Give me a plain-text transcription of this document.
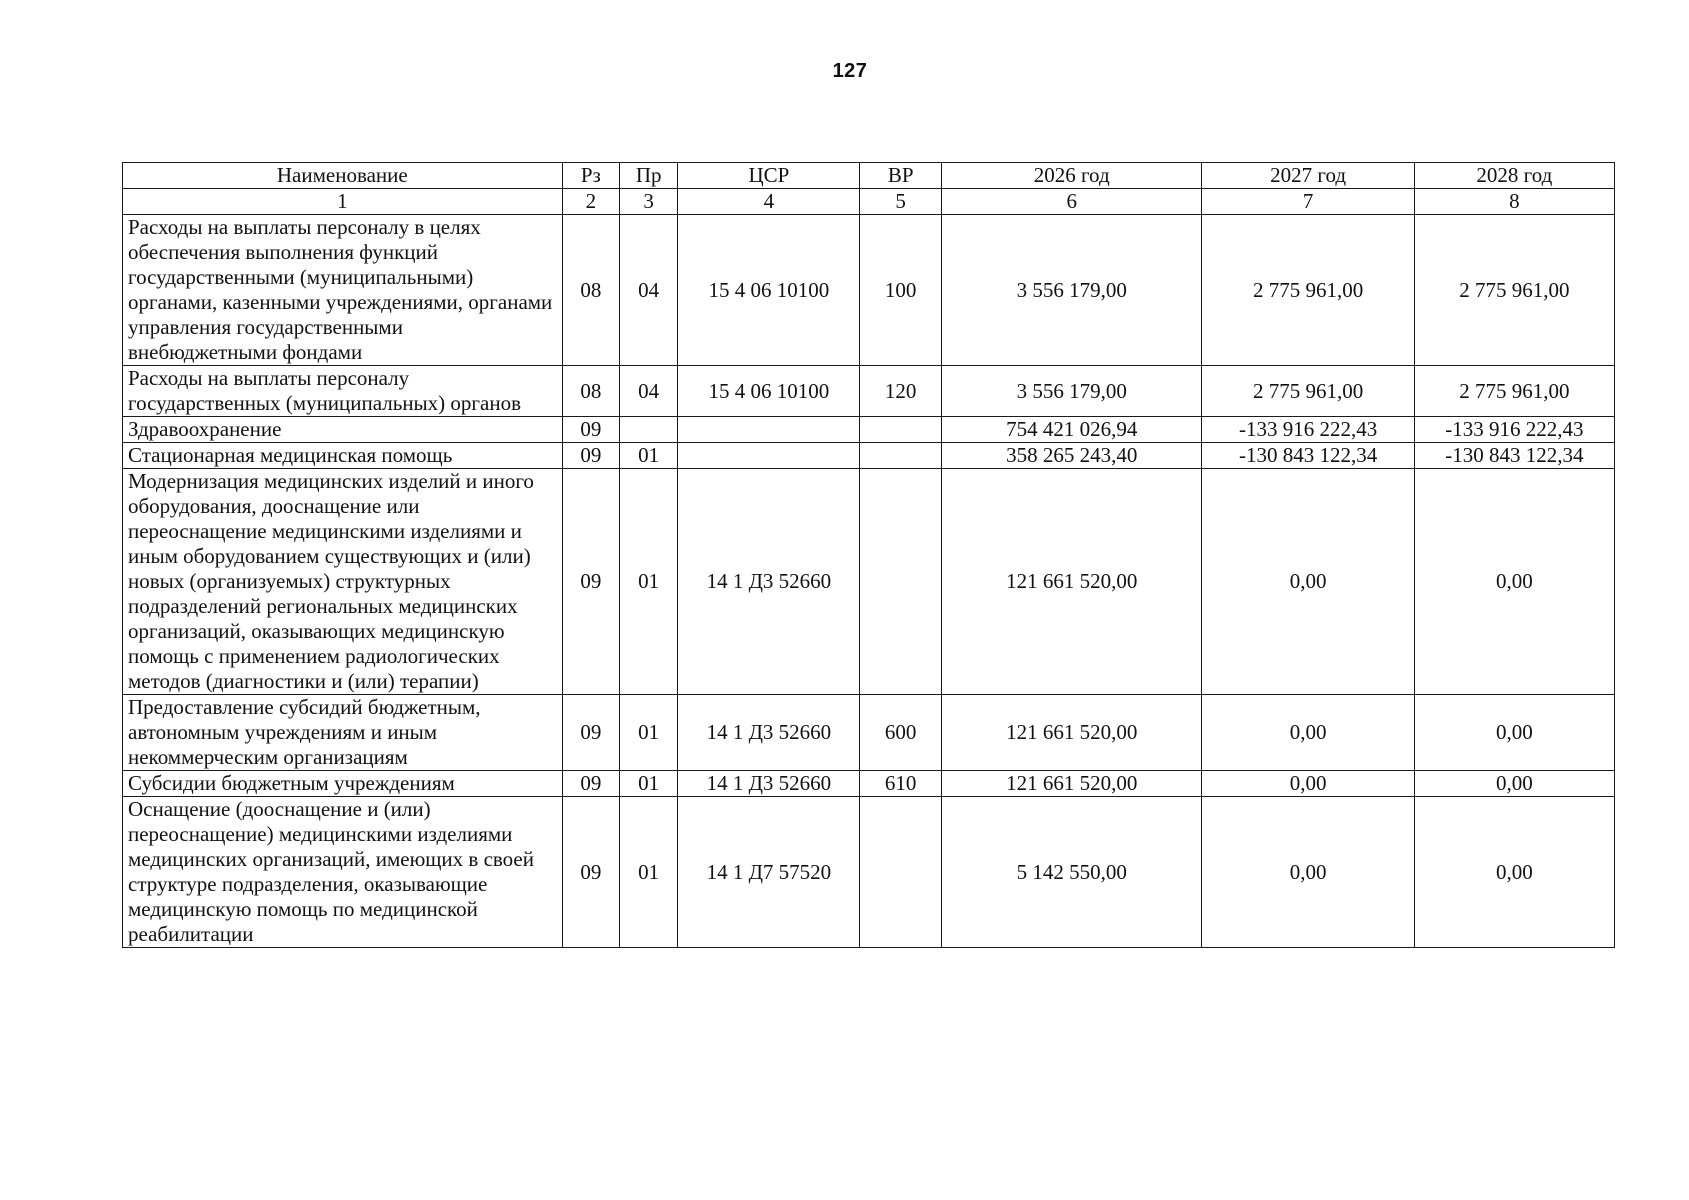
127
Наименование	Рз	Пр	ЦСР	ВР	2026 год	2027 год	2028 год
1	2	3	4	5	6	7	8
Расходы на выплаты персоналу в целях обеспечения выполнения функций государственными (муниципальными) органами, казенными учреждениями, органами управления государственными внебюджетными фондами	08	04	15 4 06 10100	100	3 556 179,00	2 775 961,00	2 775 961,00
Расходы на выплаты персоналу государственных (муниципальных) органов	08	04	15 4 06 10100	120	3 556 179,00	2 775 961,00	2 775 961,00
Здравоохранение	09				754 421 026,94	-133 916 222,43	-133 916 222,43
Стационарная медицинская помощь	09	01			358 265 243,40	-130 843 122,34	-130 843 122,34
Модернизация медицинских изделий и иного оборудования, дооснащение или переоснащение медицинскими изделиями и иным оборудованием существующих и (или) новых (организуемых) структурных подразделений региональных медицинских организаций, оказывающих медицинскую помощь с применением радиологических методов (диагностики и (или) терапии)	09	01	14 1 Д3 52660		121 661 520,00	0,00	0,00
Предоставление субсидий бюджетным, автономным учреждениям и иным некоммерческим организациям	09	01	14 1 Д3 52660	600	121 661 520,00	0,00	0,00
Субсидии бюджетным учреждениям	09	01	14 1 Д3 52660	610	121 661 520,00	0,00	0,00
Оснащение (дооснащение и (или) переоснащение) медицинскими изделиями медицинских организаций, имеющих в своей структуре подразделения, оказывающие медицинскую помощь по медицинской реабилитации	09	01	14 1 Д7 57520		5 142 550,00	0,00	0,00
